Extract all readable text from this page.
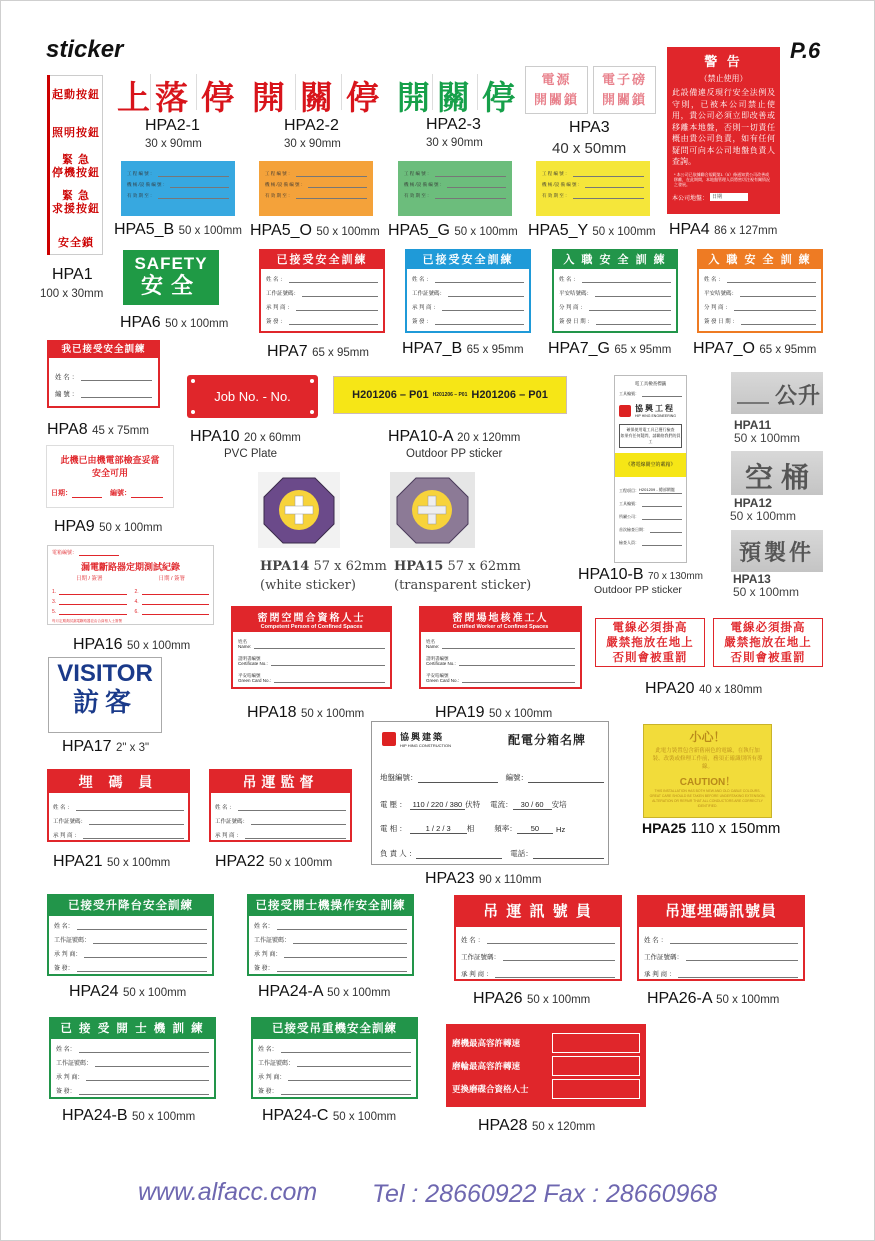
sticker	P.6
起動按鈕
照明按鈕
緊 急
停機按鈕
緊 急
求援按鈕
安全鎖
HPA1
100 x 30mm
上 落 停 開 關 停 開 關 停
HPA2-1
30 x 90mm
HPA2-2
30 x 90mm
HPA2-3
30 x 90mm
電源
開關鎖
電子磅
開關鎖
HPA3
40 x 50mm
警 告
（禁止使用）
此設備違反現行安全法例及守則，已被本公司禁止使用，貴公司必須立即改善或移離本地盤，否則一切責任概由貴公司負責，如有任何疑問可向本公司地盤負責人查詢。
* 本公司已依據聯合規範第1（5）條通知貴公司改善或移離，在此期間，本地盤管理人員將密切注視有關情況之發展。
本公司地盤： 日期
HPA4 86 x 127mm
工 程 編 號 ：
機 械 /設 備 編 號 ：
有 效 期 至 ：
工 程 編 號 ：
機 械 /設 備 編 號 ：
有 效 期 至 ：
工 程 編 號 ：
機 械 /設 備 編 號 ：
有 效 期 至 ：
工 程 編 號 ：
機 械 /設 備 編 號 ：
有 效 期 至 ：
HPA5_B 50 x 100mm HPA5_O 50 x 100mm HPA5_G 50 x 100mm HPA5_Y 50 x 100mm
SAFETY
安全
HPA6 50 x 100mm
已接受安全訓練
姓 名 ：
工作証號碼：
承 判 商 ：
簽 發 ：
已接受安全訓練
姓 名 ：
工作証號碼：
承 判 商 ：
簽 發 ：
入 職 安 全 訓 練
姓 名 ：
平安咭號碼：
分 判 商 ：
簽 發 日 期 ：
入 職 安 全 訓 練
姓 名 ：
平安咭號碼：
分 判 商 ：
簽 發 日 期 ：
HPA7 65 x 95mm HPA7_B 65 x 95mm HPA7_G 65 x 95mm HPA7_O 65 x 95mm
我已接受安全訓練
姓 名 ：
編 號 ：
HPA8 45 x 75mm
此機已由機電部檢查妥當
安全可用
日期：	編號：
HPA9 50 x 100mm
Job No. - No.
HPA10 20 x 60mm
PVC Plate
H201206 – P01 H201206 – P01 H201206 – P01
HPA10-A 20 x 120mm
Outdoor PP sticker
電工具檢查標籤
工具編號：
協興工程
HIP HING ENGINEERING
確保使用電工具已獲行檢查
如果有任何疑問，請聯絡我們的員工
《將電線閘空的載箱》
工程項目： H201209 - 總部閘龍
工具編號：
所屬公司：
首次檢查日期：
檢查人員：
HPA10-B 70 x 130mm
Outdoor PP sticker
公升
HPA11
50 x 100mm
空桶
HPA12
50 x 100mm
預製件
HPA13
50 x 100mm
HPA14 57 x 62mm
(white sticker)
HPA15 57 x 62mm
(transparent sticker)
電箱編號：
漏電斷路器定期測試紀錄
日期 / 簽署	日期 / 簽署
1.	2.
3.	4.
5.	6.
每月定期測試漏電斷路器並由合資格人士簽署
HPA16 50 x 100mm
VISITOR
訪客
HPA17 2" x 3"
密閉空間合資格人士
Competent Person of Confined Spaces
姓名
Name:
證明書編號
Certificate No.:
平安咭編號
Green Card No.:
HPA18 50 x 100mm
密閉場地核准工人
Certified Worker of Confined Spaces
姓名
Name:
證明書編號
Certificate No.:
平安咭編號
Green Card No.:
HPA19 50 x 100mm
電線必須掛高
嚴禁拖放在地上
否則會被重罰
電線必須掛高
嚴禁拖放在地上
否則會被重罰
HPA20 40 x 180mm
埋 碼 員
姓 名 ：
工作証號碼：
承 判 商 ：
HPA21 50 x 100mm
吊運監督
姓 名 ：
工作証號碼：
承 判 商 ：
HPA22 50 x 100mm
協興建築
HIP HING CONSTRUCTION	配電分箱名牌
地盤編號：	編號：
電 壓 ： 110 / 220 / 380 伏特 電流：	30 / 60	安培
電 相 ：	1 / 2 / 3	相	頻率：	50	Hz
負 責 人 ：	電話：
HPA23 90 x 110mm
小心！
此電力裝置包含新舊兩色的電線，在執行加裝、改裝或修理工作前，務須正確識別所有導線。
CAUTION！
THIS INSTALLATION HAS BOTH NEW AND OLD CABLE COLOURS. GREAT CARE SHOULD BE TAKEN BEFORE UNDERTAKING EXTENSION, ALTERATION OR REPAIR THAT ALL CONDUCTORS ARE CORRECTLY IDENTIFIED.
HPA25 110 x 150mm
已接受升降台安全訓練
姓 名：
工作証號碼：
承 判 商：
簽 發：
已接受開士機操作安全訓練
姓 名：
工作証號碼：
承 判 商：
簽 發：
已 接 受 開 士 機 訓 練
姓 名：
工作証號碼：
承 判 商：
簽 發：
已接受吊重機安全訓練
姓 名：
工作証號碼：
承 判 商：
簽 發：
HPA24 50 x 100mm	HPA24-A 50 x 100mm
HPA24-B 50 x 100mm	HPA24-C 50 x 100mm
吊 運 訊 號 員
姓 名 ：
工作証號碼：
承 判 商 ：
吊運埋碼訊號員
姓 名 ：
工作証號碼：
承 判 商 ：
HPA26 50 x 100mm	HPA26-A 50 x 100mm
磨機最高容許轉速
磨輪最高容許轉速
更換磨碟合資格人士
HPA28 50 x 120mm
www.alfacc.com Tel : 28660922 Fax : 28660968
